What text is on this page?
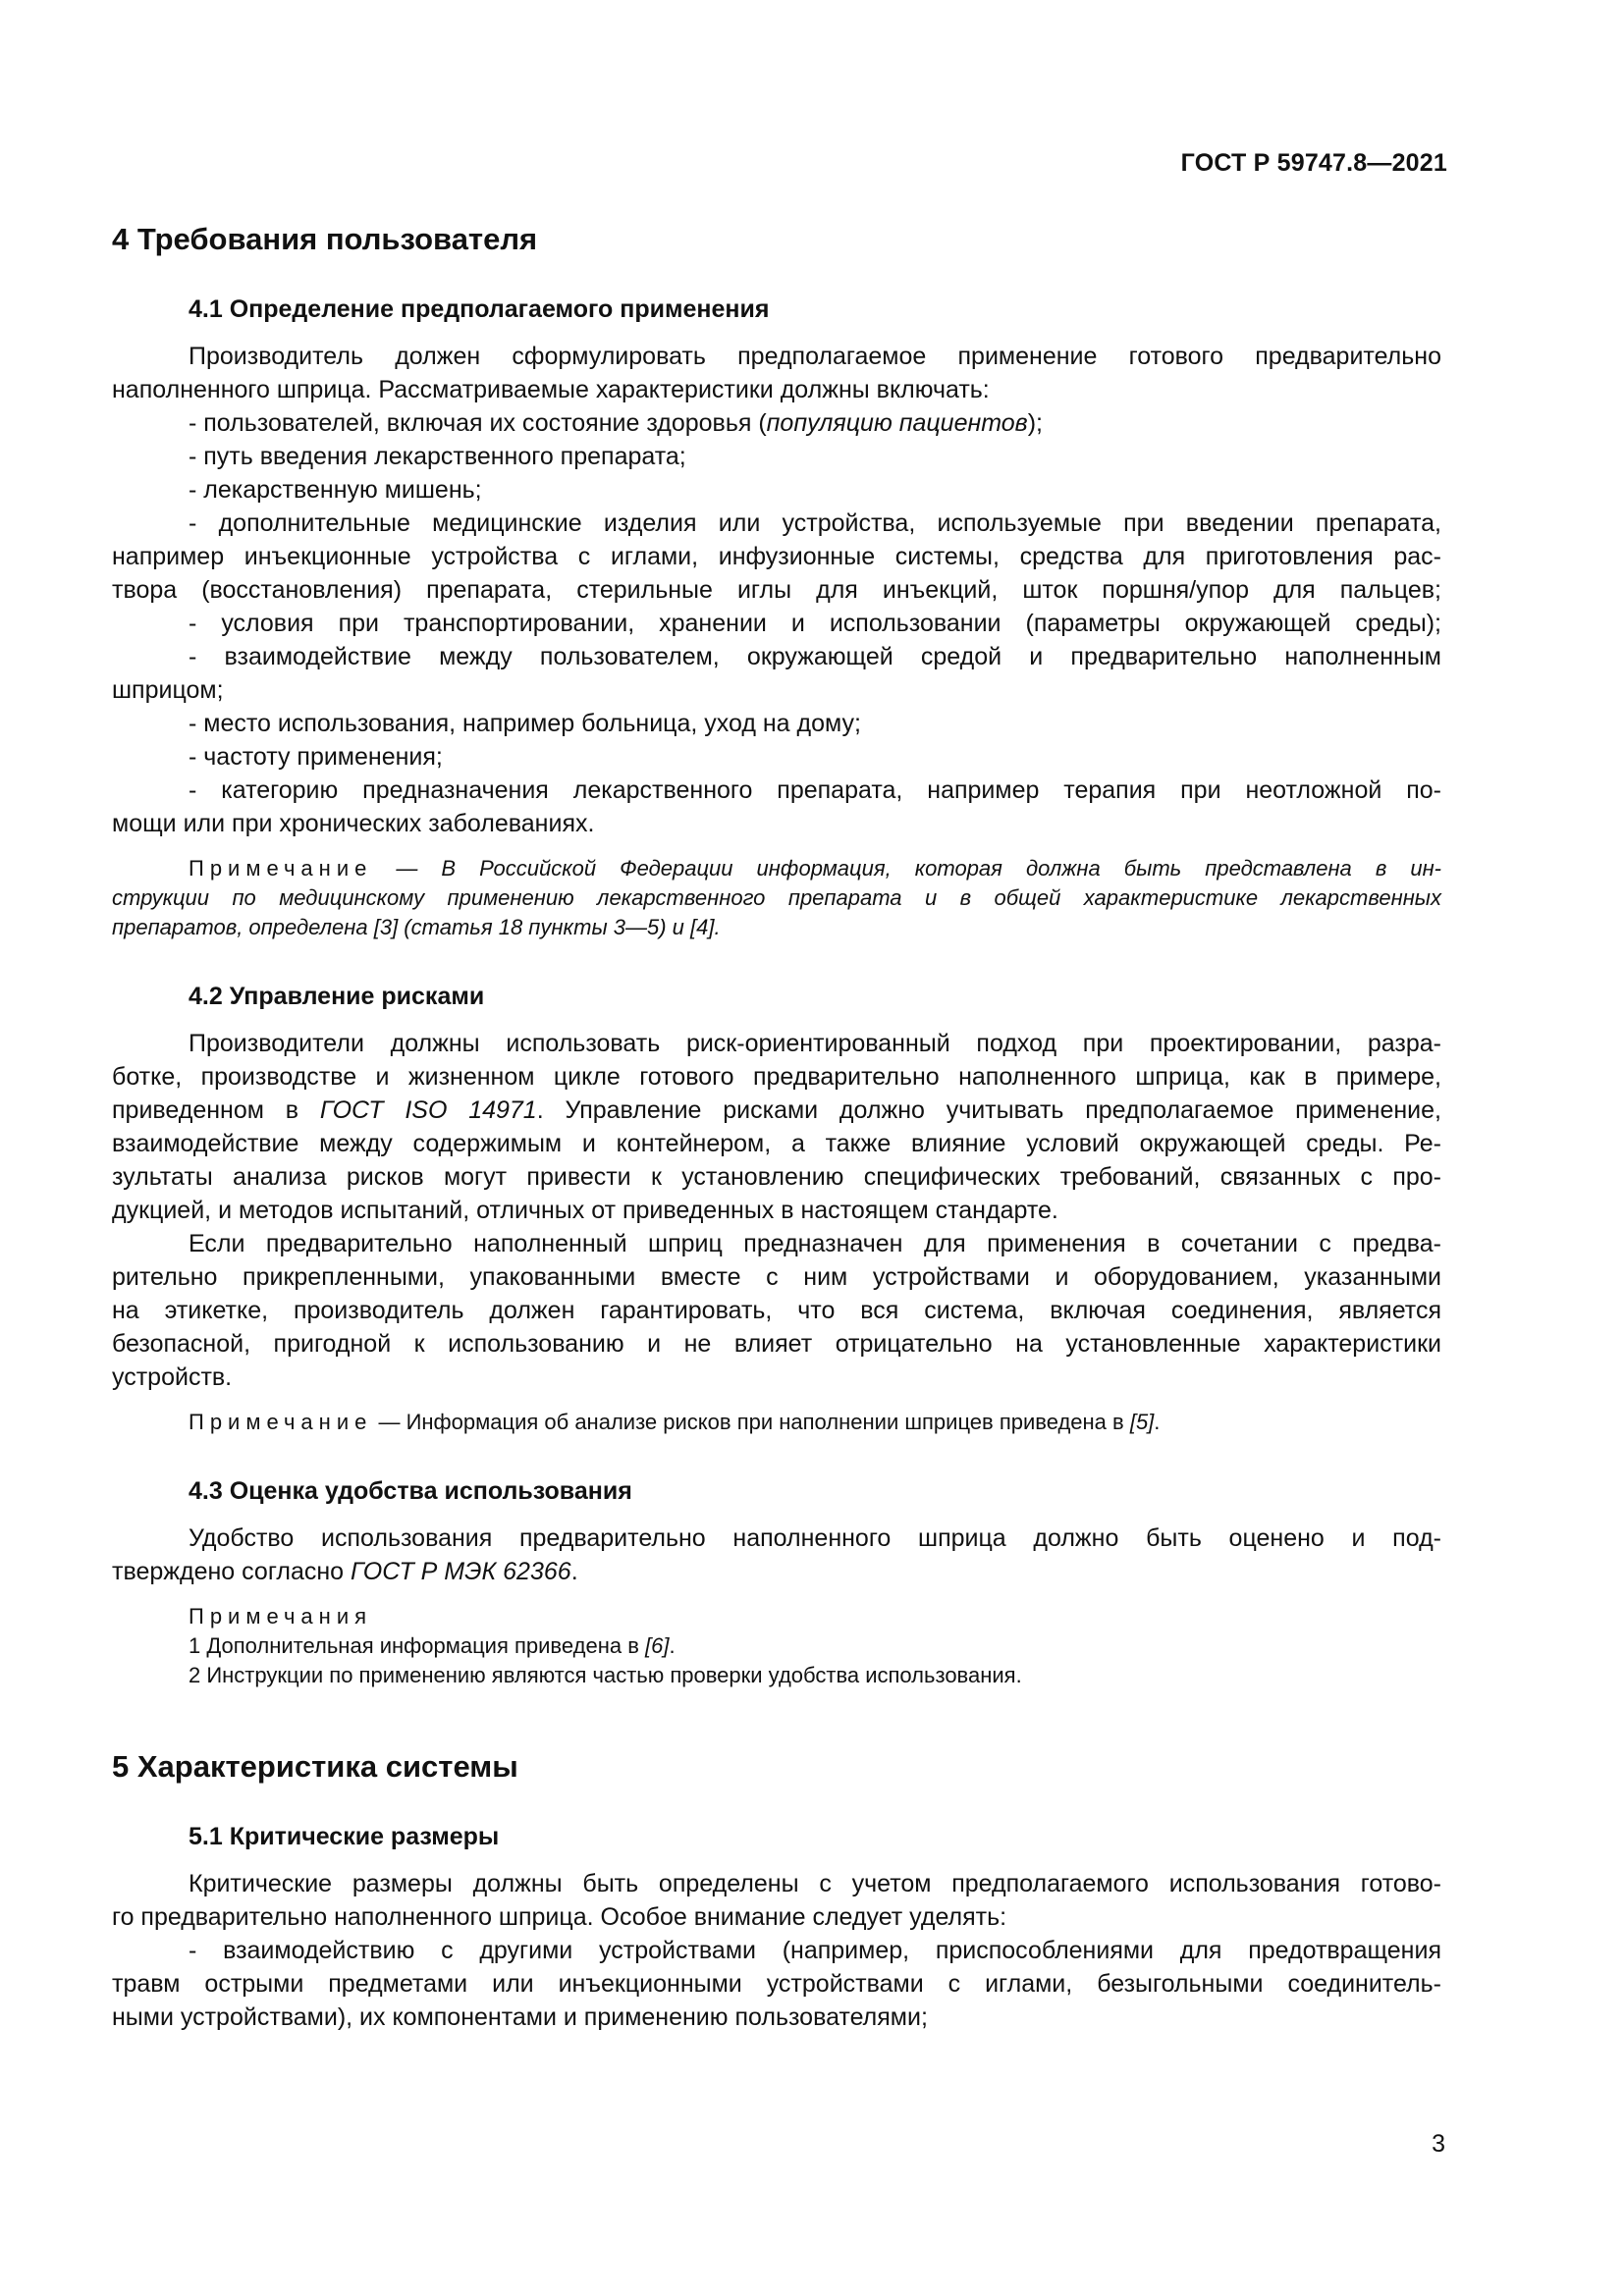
ГОСТ Р 59747.8—2021
4 Требования пользователя
4.1 Определение предполагаемого применения
Производитель должен сформулировать предполагаемое применение готового предварительно
наполненного шприца. Рассматриваемые характеристики должны включать:
- пользователей, включая их состояние здоровья (популяцию пациентов);
- путь введения лекарственного препарата;
- лекарственную мишень;
- дополнительные медицинские изделия или устройства, используемые при введении препарата,
например инъекционные устройства с иглами, инфузионные системы, средства для приготовления рас-
твора (восстановления) препарата, стерильные иглы для инъекций, шток поршня/упор для пальцев;
- условия при транспортировании, хранении и использовании (параметры окружающей среды);
- взаимодействие между пользователем, окружающей средой и предварительно наполненным
шприцом;
- место использования, например больница, уход на дому;
- частоту применения;
- категорию предназначения лекарственного препарата, например терапия при неотложной по-
мощи или при хронических заболеваниях.
Примечание — В Российской Федерации информация, которая должна быть представлена в ин-
струкции по медицинскому применению лекарственного препарата и в общей характеристике лекарственных
препаратов, определена [3] (статья 18 пункты 3—5) и [4].
4.2 Управление рисками
Производители должны использовать риск-ориентированный подход при проектировании, разра-
ботке, производстве и жизненном цикле готового предварительно наполненного шприца, как в примере,
приведенном в ГОСТ ISO 14971. Управление рисками должно учитывать предполагаемое применение,
взаимодействие между содержимым и контейнером, а также влияние условий окружающей среды. Ре-
зультаты анализа рисков могут привести к установлению специфических требований, связанных с про-
дукцией, и методов испытаний, отличных от приведенных в настоящем стандарте.
Если предварительно наполненный шприц предназначен для применения в сочетании с предва-
рительно прикрепленными, упакованными вместе с ним устройствами и оборудованием, указанными
на этикетке, производитель должен гарантировать, что вся система, включая соединения, является
безопасной, пригодной к использованию и не влияет отрицательно на установленные характеристики
устройств.
Примечание — Информация об анализе рисков при наполнении шприцев приведена в [5].
4.3 Оценка удобства использования
Удобство использования предварительно наполненного шприца должно быть оценено и под-
тверждено согласно ГОСТ Р МЭК 62366.
Примечания
1 Дополнительная информация приведена в [6].
2 Инструкции по применению являются частью проверки удобства использования.
5 Характеристика системы
5.1 Критические размеры
Критические размеры должны быть определены с учетом предполагаемого использования готово-
го предварительно наполненного шприца. Особое внимание следует уделять:
- взаимодействию с другими устройствами (например, приспособлениями для предотвращения
травм острыми предметами или инъекционными устройствами с иглами, безыгольными соединитель-
ными устройствами), их компонентами и применению пользователями;
3
